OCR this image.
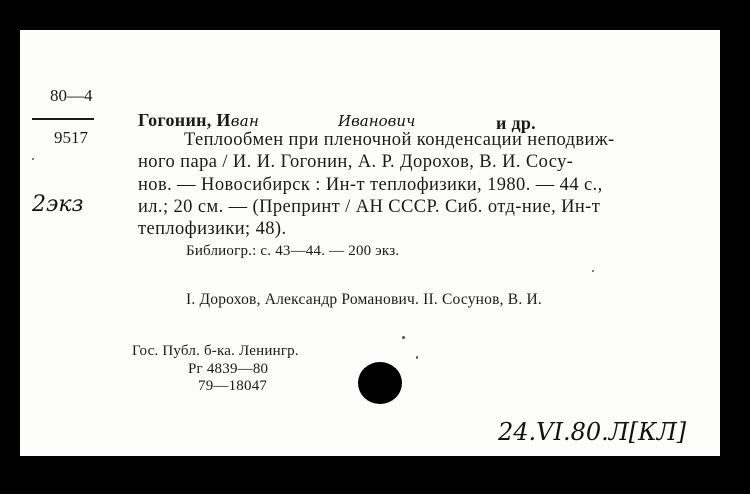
80—4
9517
2экз
Гогонин, Иван	Иванович	и др.
Теплообмен при пленочной конденсации неподвиж-
ного пара / И. И. Гогонин, А. Р. Дорохов, В. И. Сосу-
нов. — Новосибирск : Ин-т теплофизики, 1980. — 44 с.,
ил.; 20 см. — (Препринт / АН СССР. Сиб. отд-ние, Ин-т
теплофизики; 48).
Библиогр.: с. 43—44. — 200 экз.
I. Дорохов, Александр Романович. II. Сосунов, В. И.
Гос. Публ. б-ка. Ленингр.
Рг 4839—80
79—18047
24.VI.80.Л[КЛ]
